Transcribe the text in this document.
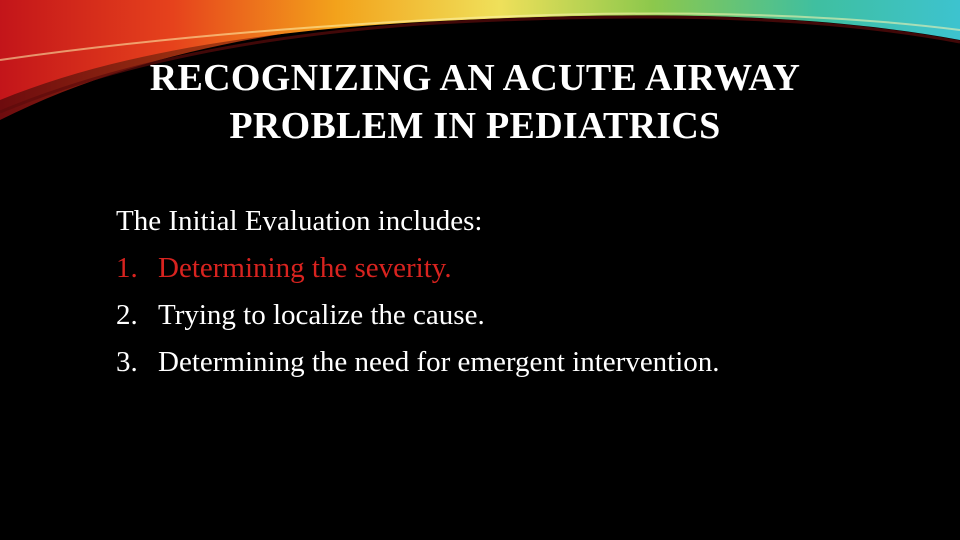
RECOGNIZING AN ACUTE AIRWAY
PROBLEM IN PEDIATRICS
The Initial Evaluation includes:
1. Determining the severity.
2. Trying to localize the cause.
3. Determining the need for emergent intervention.
